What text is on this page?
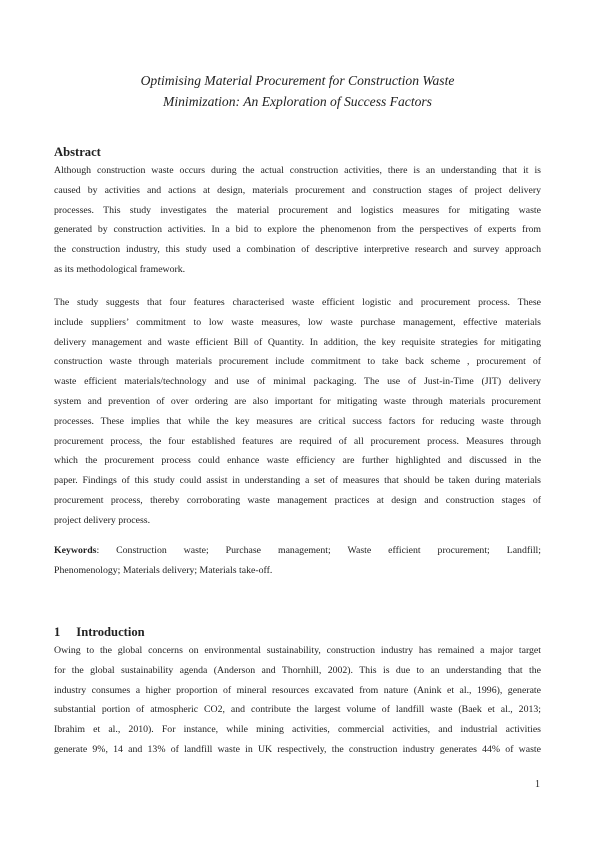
Optimising Material Procurement for Construction Waste
Minimization: An Exploration of Success Factors
Abstract
Although construction waste occurs during the actual construction activities, there is an understanding that it is
caused by activities and actions at design, materials procurement and construction stages of project delivery
processes. This study investigates the material procurement and logistics measures for mitigating waste
generated by construction activities. In a bid to explore the phenomenon from the perspectives of experts from
the construction industry, this study used a combination of descriptive interpretive research and survey approach
as its methodological framework.
The study suggests that four features characterised waste efficient logistic and procurement process. These
include suppliers’ commitment to low waste measures, low waste purchase management, effective materials
delivery management and waste efficient Bill of Quantity. In addition, the key requisite strategies for mitigating
construction waste through materials procurement include commitment to take back scheme , procurement of
waste efficient materials/technology and use of minimal packaging. The use of Just-in-Time (JIT) delivery
system and prevention of over ordering are also important for mitigating waste through materials procurement
processes. These implies that while the key measures are critical success factors for reducing waste through
procurement process, the four established features are required of all procurement process. Measures through
which the procurement process could enhance waste efficiency are further highlighted and discussed in the
paper. Findings of this study could assist in understanding a set of measures that should be taken during materials
procurement process, thereby corroborating waste management practices at design and construction stages of
project delivery process.
Keywords: Construction waste; Purchase management; Waste efficient procurement; Landfill;
Phenomenology; Materials delivery; Materials take-off.
1 Introduction
Owing to the global concerns on environmental sustainability, construction industry has remained a major target
for the global sustainability agenda (Anderson and Thornhill, 2002). This is due to an understanding that the
industry consumes a higher proportion of mineral resources excavated from nature (Anink et al., 1996), generate
substantial portion of atmospheric CO2, and contribute the largest volume of landfill waste (Baek et al., 2013;
Ibrahim et al., 2010). For instance, while mining activities, commercial activities, and industrial activities
generate 9%, 14 and 13% of landfill waste in UK respectively, the construction industry generates 44% of waste
1
